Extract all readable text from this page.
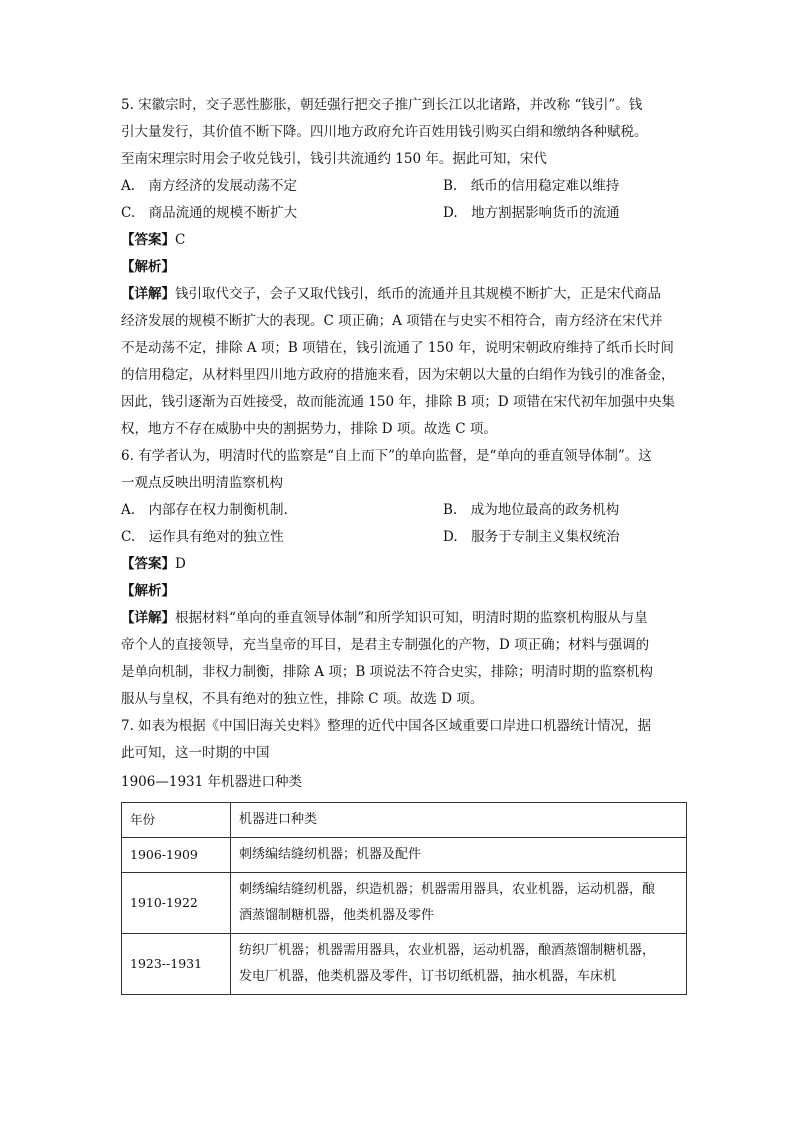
5. 宋徽宗时，交子恶性膨胀，朝廷强行把交子推广到长江以北诸路，并改称 “钱引”。钱
引大量发行，其价值不断下降。四川地方政府允许百姓用钱引购买白绢和缴纳各种赋税。
至南宋理宗时用会子收兑钱引，钱引共流通约 150 年。据此可知，宋代

A.　南方经济的发展动荡不定	B.　纸币的信用稳定难以维持
C.　商品流通的规模不断扩大	D.　地方割据影响货币的流通
【答案】C
【解析】

【详解】钱引取代交子，会子又取代钱引，纸币的流通并且其规模不断扩大，正是宋代商品
经济发展的规模不断扩大的表现。C 项正确；A 项错在与史实不相符合，南方经济在宋代并
不是动荡不定，排除 A 项；B 项错在，钱引流通了 150 年，说明宋朝政府维持了纸币长时间
的信用稳定，从材料里四川地方政府的措施来看，因为宋朝以大量的白绢作为钱引的准备金，
因此，钱引逐渐为百姓接受，故而能流通 150 年，排除 B 项；D 项错在宋代初年加强中央集
权，地方不存在威胁中央的割据势力，排除 D 项。故选 C 项。

6. 有学者认为，明清时代的监察是“自上而下”的单向监督，是“单向的垂直领导体制”。这
一观点反映出明清监察机构

A.　内部存在权力制衡机制.	B.　成为地位最高的政务机构
C.　运作具有绝对的独立性	D.　服务于专制主义集权统治
【答案】D
【解析】

【详解】根据材料“单向的垂直领导体制”和所学知识可知，明清时期的监察机构服从与皇
帝个人的直接领导，充当皇帝的耳目，是君主专制强化的产物，D 项正确；材料与强调的
是单向机制，非权力制衡，排除 A 项；B 项说法不符合史实，排除；明清时期的监察机构
服从与皇权，不具有绝对的独立性，排除 C 项。故选 D 项。

7. 如表为根据《中国旧海关史料》整理的近代中国各区域重要口岸进口机器统计情况，据
此可知，这一时期的中国

1906—1931 年机器进口种类
年份	机器进口种类
1906-1909	刺绣编结缝纫机器；机器及配件
1910-1922	刺绣编结缝纫机器，织造机器；机器需用器具，农业机器，运动机器，酿
酒蒸馏制糖机器，他类机器及零件
1923--1931	纺织厂机器；机器需用器具，农业机器，运动机器，酿酒蒸馏制糖机器，
发电厂机器，他类机器及零件，订书切纸机器，抽水机器，车床机
